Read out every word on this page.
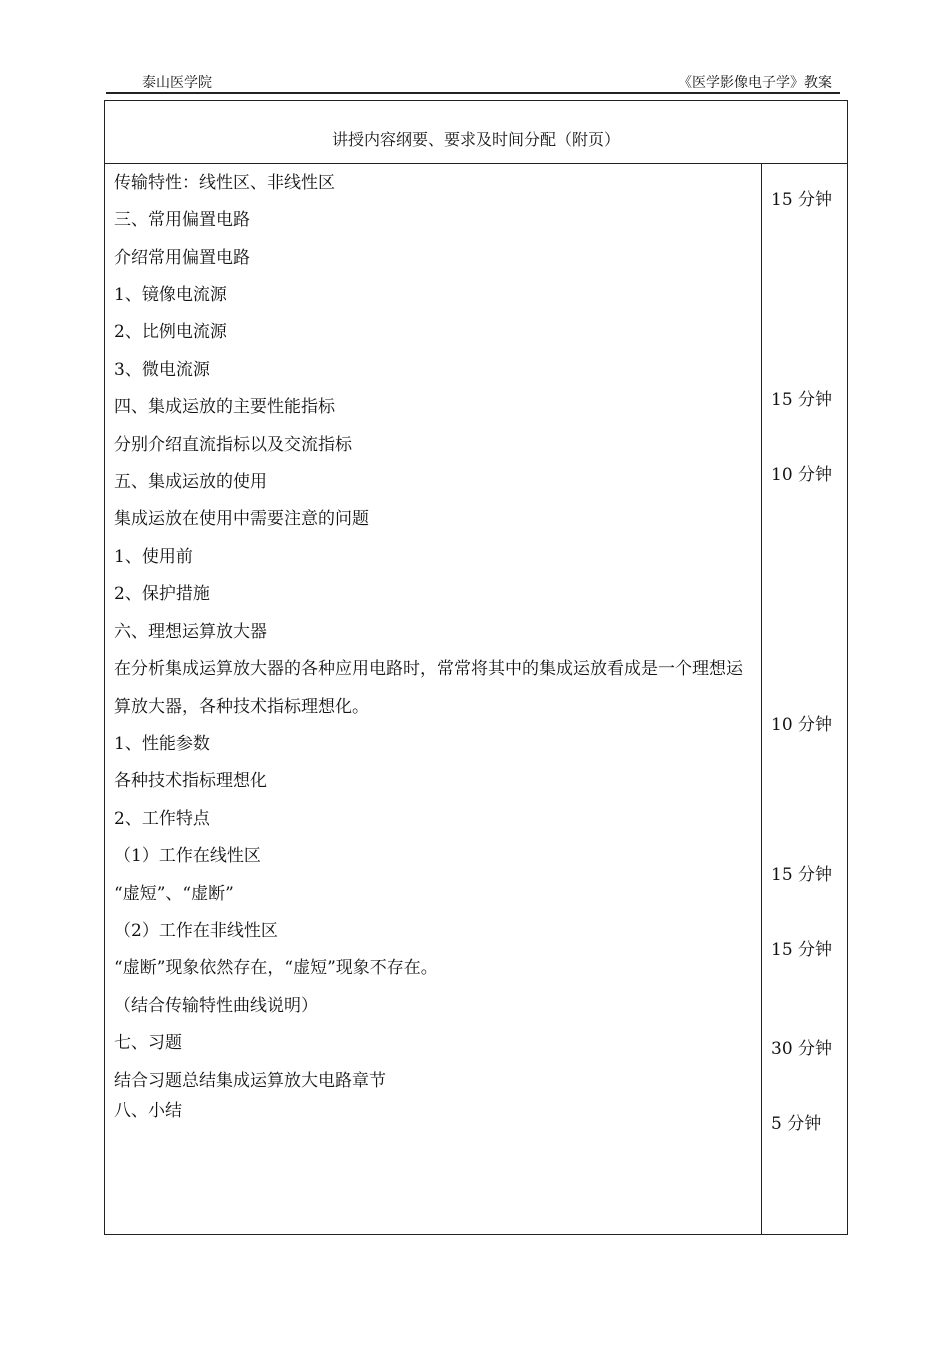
泰山医学院	《医学影像电子学》教案
讲授内容纲要、要求及时间分配（附页）
传输特性：线性区、非线性区
三、常用偏置电路
介绍常用偏置电路
1、镜像电流源
2、比例电流源
3、微电流源
四、集成运放的主要性能指标
分别介绍直流指标以及交流指标
五、集成运放的使用
集成运放在使用中需要注意的问题
1、使用前
2、保护措施
六、理想运算放大器
在分析集成运算放大器的各种应用电路时，常常将其中的集成运放看成是一个理想运
算放大器，各种技术指标理想化。
1、性能参数
各种技术指标理想化
2、工作特点
（1）工作在线性区
“虚短”、“虚断”
（2）工作在非线性区
“虚断”现象依然存在，“虚短”现象不存在。
（结合传输特性曲线说明）
七、习题
结合习题总结集成运算放大电路章节
八、小结
15 分钟
15 分钟
10 分钟
10 分钟
15 分钟
15 分钟
30 分钟
5 分钟
